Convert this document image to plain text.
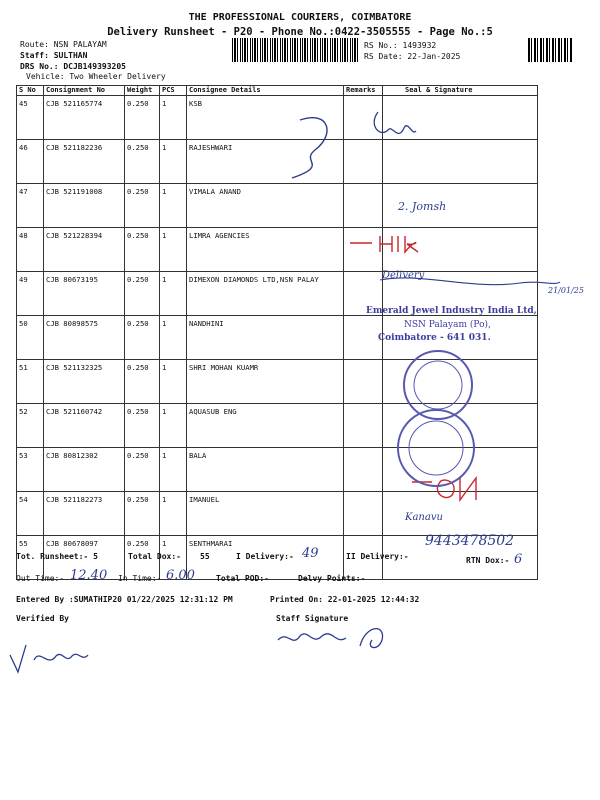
THE PROFESSIONAL COURIERS, COIMBATORE
Delivery Runsheet - P20 - Phone No.:0422-3505555 - Page No.:5
Route: NSN PALAYAM
Staff: SULTHAN
DRS No.: DCJB149393205
Vehicle: Two Wheeler Delivery
RS No.: 1493932
RS Date: 22-Jan-2025
S No	Consignment No	Weight	PCS	Consignee Details	Remarks	Seal & Signature
45	CJB 521165774	0.250	1	KSB		
46	CJB 521182236	0.250	1	RAJESHWARI		
47	CJB 521191008	0.250	1	VIMALA ANAND		
48	CJB 521228394	0.250	1	LIMRA AGENCIES		
49	CJB 80673195	0.250	1	DIMEXON DIAMONDS LTD,NSN PALAY		
50	CJB 80898575	0.250	1	NANDHINI		
51	CJB 521132325	0.250	1	SHRI MOHAN KUAMR		
52	CJB 521160742	0.250	1	AQUASUB ENG		
53	CJB 80812302	0.250	1	BALA		
54	CJB 521182273	0.250	1	IMANUEL		
55	CJB 80678097	0.250	1	SENTHMARAI		
2. Jomsh
Delivery
21/01/25
Kanavu
9443478502
Emerald Jewel Industry India Ltd,
NSN Palayam (Po),
Coimbatore - 641 031.
Tot. Runsheet:- 5	Total Dox:- 55	I Delivery:- 49	II Delivery:-	RTN Dox:- 6
Out Time:- 12.40 In Time:- 6.00	Total POD:-	Delvy Points:-
Entered By :SUMATHIP20 01/22/2025 12:31:12 PM	Printed On: 22-01-2025 12:44:32
Verified By	Staff Signature
